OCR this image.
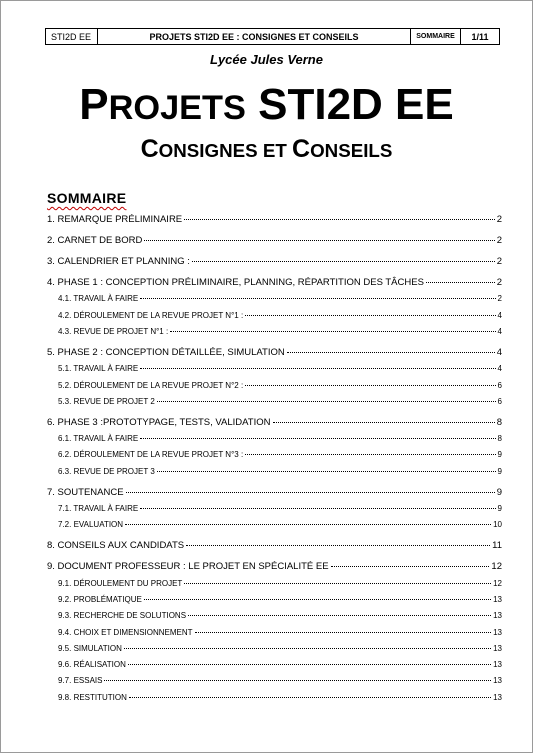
STI2D EE	PROJETS STI2D EE : CONSIGNES ET CONSEILS	SOMMAIRE	1/11
Lycée Jules Verne
PROJETS STI2D EE
CONSIGNES ET CONSEILS
SOMMAIRE
1. REMARQUE PRÉLIMINAIRE	2
2. CARNET DE BORD	2
3. CALENDRIER ET PLANNING :	2
4. PHASE 1 : CONCEPTION PRÉLIMINAIRE, PLANNING, RÉPARTITION DES TÂCHES	2
4.1. TRAVAIL À FAIRE	2
4.2. DÉROULEMENT DE LA REVUE PROJET N°1 :	4
4.3. REVUE DE PROJET N°1 :	4
5. PHASE 2 : CONCEPTION DÉTAILLÉE, SIMULATION	4
5.1. TRAVAIL À FAIRE	4
5.2. DÉROULEMENT DE LA REVUE PROJET N°2 :	6
5.3. REVUE DE PROJET 2	6
6. PHASE 3 :PROTOTYPAGE, TESTS, VALIDATION	8
6.1. TRAVAIL À FAIRE	8
6.2. DÉROULEMENT DE LA REVUE PROJET N°3 :	9
6.3. REVUE DE PROJET 3	9
7. SOUTENANCE	9
7.1. TRAVAIL À FAIRE	9
7.2. EVALUATION	10
8. CONSEILS AUX CANDIDATS	11
9. DOCUMENT PROFESSEUR : LE PROJET EN SPÉCIALITÉ EE	12
9.1. DÉROULEMENT DU PROJET	12
9.2. PROBLÉMATIQUE	13
9.3. RECHERCHE DE SOLUTIONS	13
9.4. CHOIX ET DIMENSIONNEMENT	13
9.5. SIMULATION	13
9.6. RÉALISATION	13
9.7. ESSAIS	13
9.8. RESTITUTION	13
